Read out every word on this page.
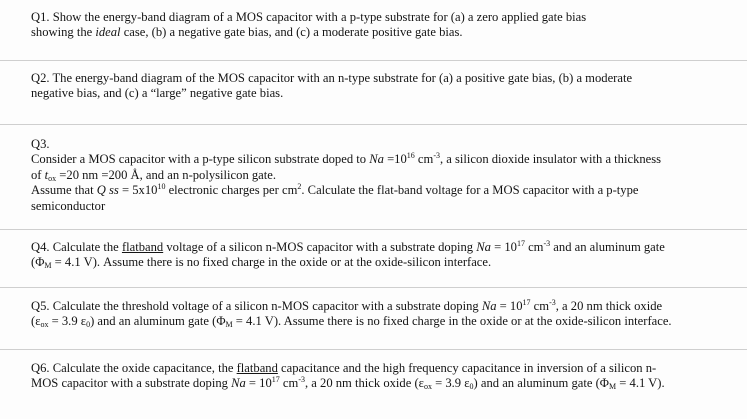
Q1. Show the energy-band diagram of a MOS capacitor with a p-type substrate for (a) a zero applied gate bias
showing the ideal case, (b) a negative gate bias, and (c) a moderate positive gate bias.
Q2. The energy-band diagram of the MOS capacitor with an n-type substrate for (a) a positive gate bias, (b) a moderate
negative bias, and (c) a “large” negative gate bias.
Q3.
Consider a MOS capacitor with a p-type silicon substrate doped to $Na =10^{16}$ $cm^{-3}$, a silicon dioxide insulator with a thickness
of $t_{ox} =20$ nm =200 Å, and an n-polysilicon gate.
Assume that Q ss = $5x10^{10}$ electronic charges per $cm^2$. Calculate the flat-band voltage for a MOS capacitor with a p-type
semiconductor
Q4. Calculate the flatband voltage of a silicon n-MOS capacitor with a substrate doping $Na = 10^{17}$ $cm^{-3}$ and an aluminum gate
($\Phi_M = 4.1$ V). Assume there is no fixed charge in the oxide or at the oxide-silicon interface.
Q5. Calculate the threshold voltage of a silicon n-MOS capacitor with a substrate doping $Na = 10^{17}$ $cm^{-3}$, a 20 nm thick oxide
($\varepsilon_{ox} = 3.9$ $\varepsilon_0$) and an aluminum gate ($\Phi_M = 4.1$ V). Assume there is no fixed charge in the oxide or at the oxide-silicon interface.
Q6. Calculate the oxide capacitance, the flatband capacitance and the high frequency capacitance in inversion of a silicon n-
MOS capacitor with a substrate doping $Na = 10^{17}$ $cm^{-3}$, a 20 nm thick oxide ($\varepsilon_{ox} = 3.9$ $\varepsilon_0$) and an aluminum gate ($\Phi_M = 4.1$ V).
